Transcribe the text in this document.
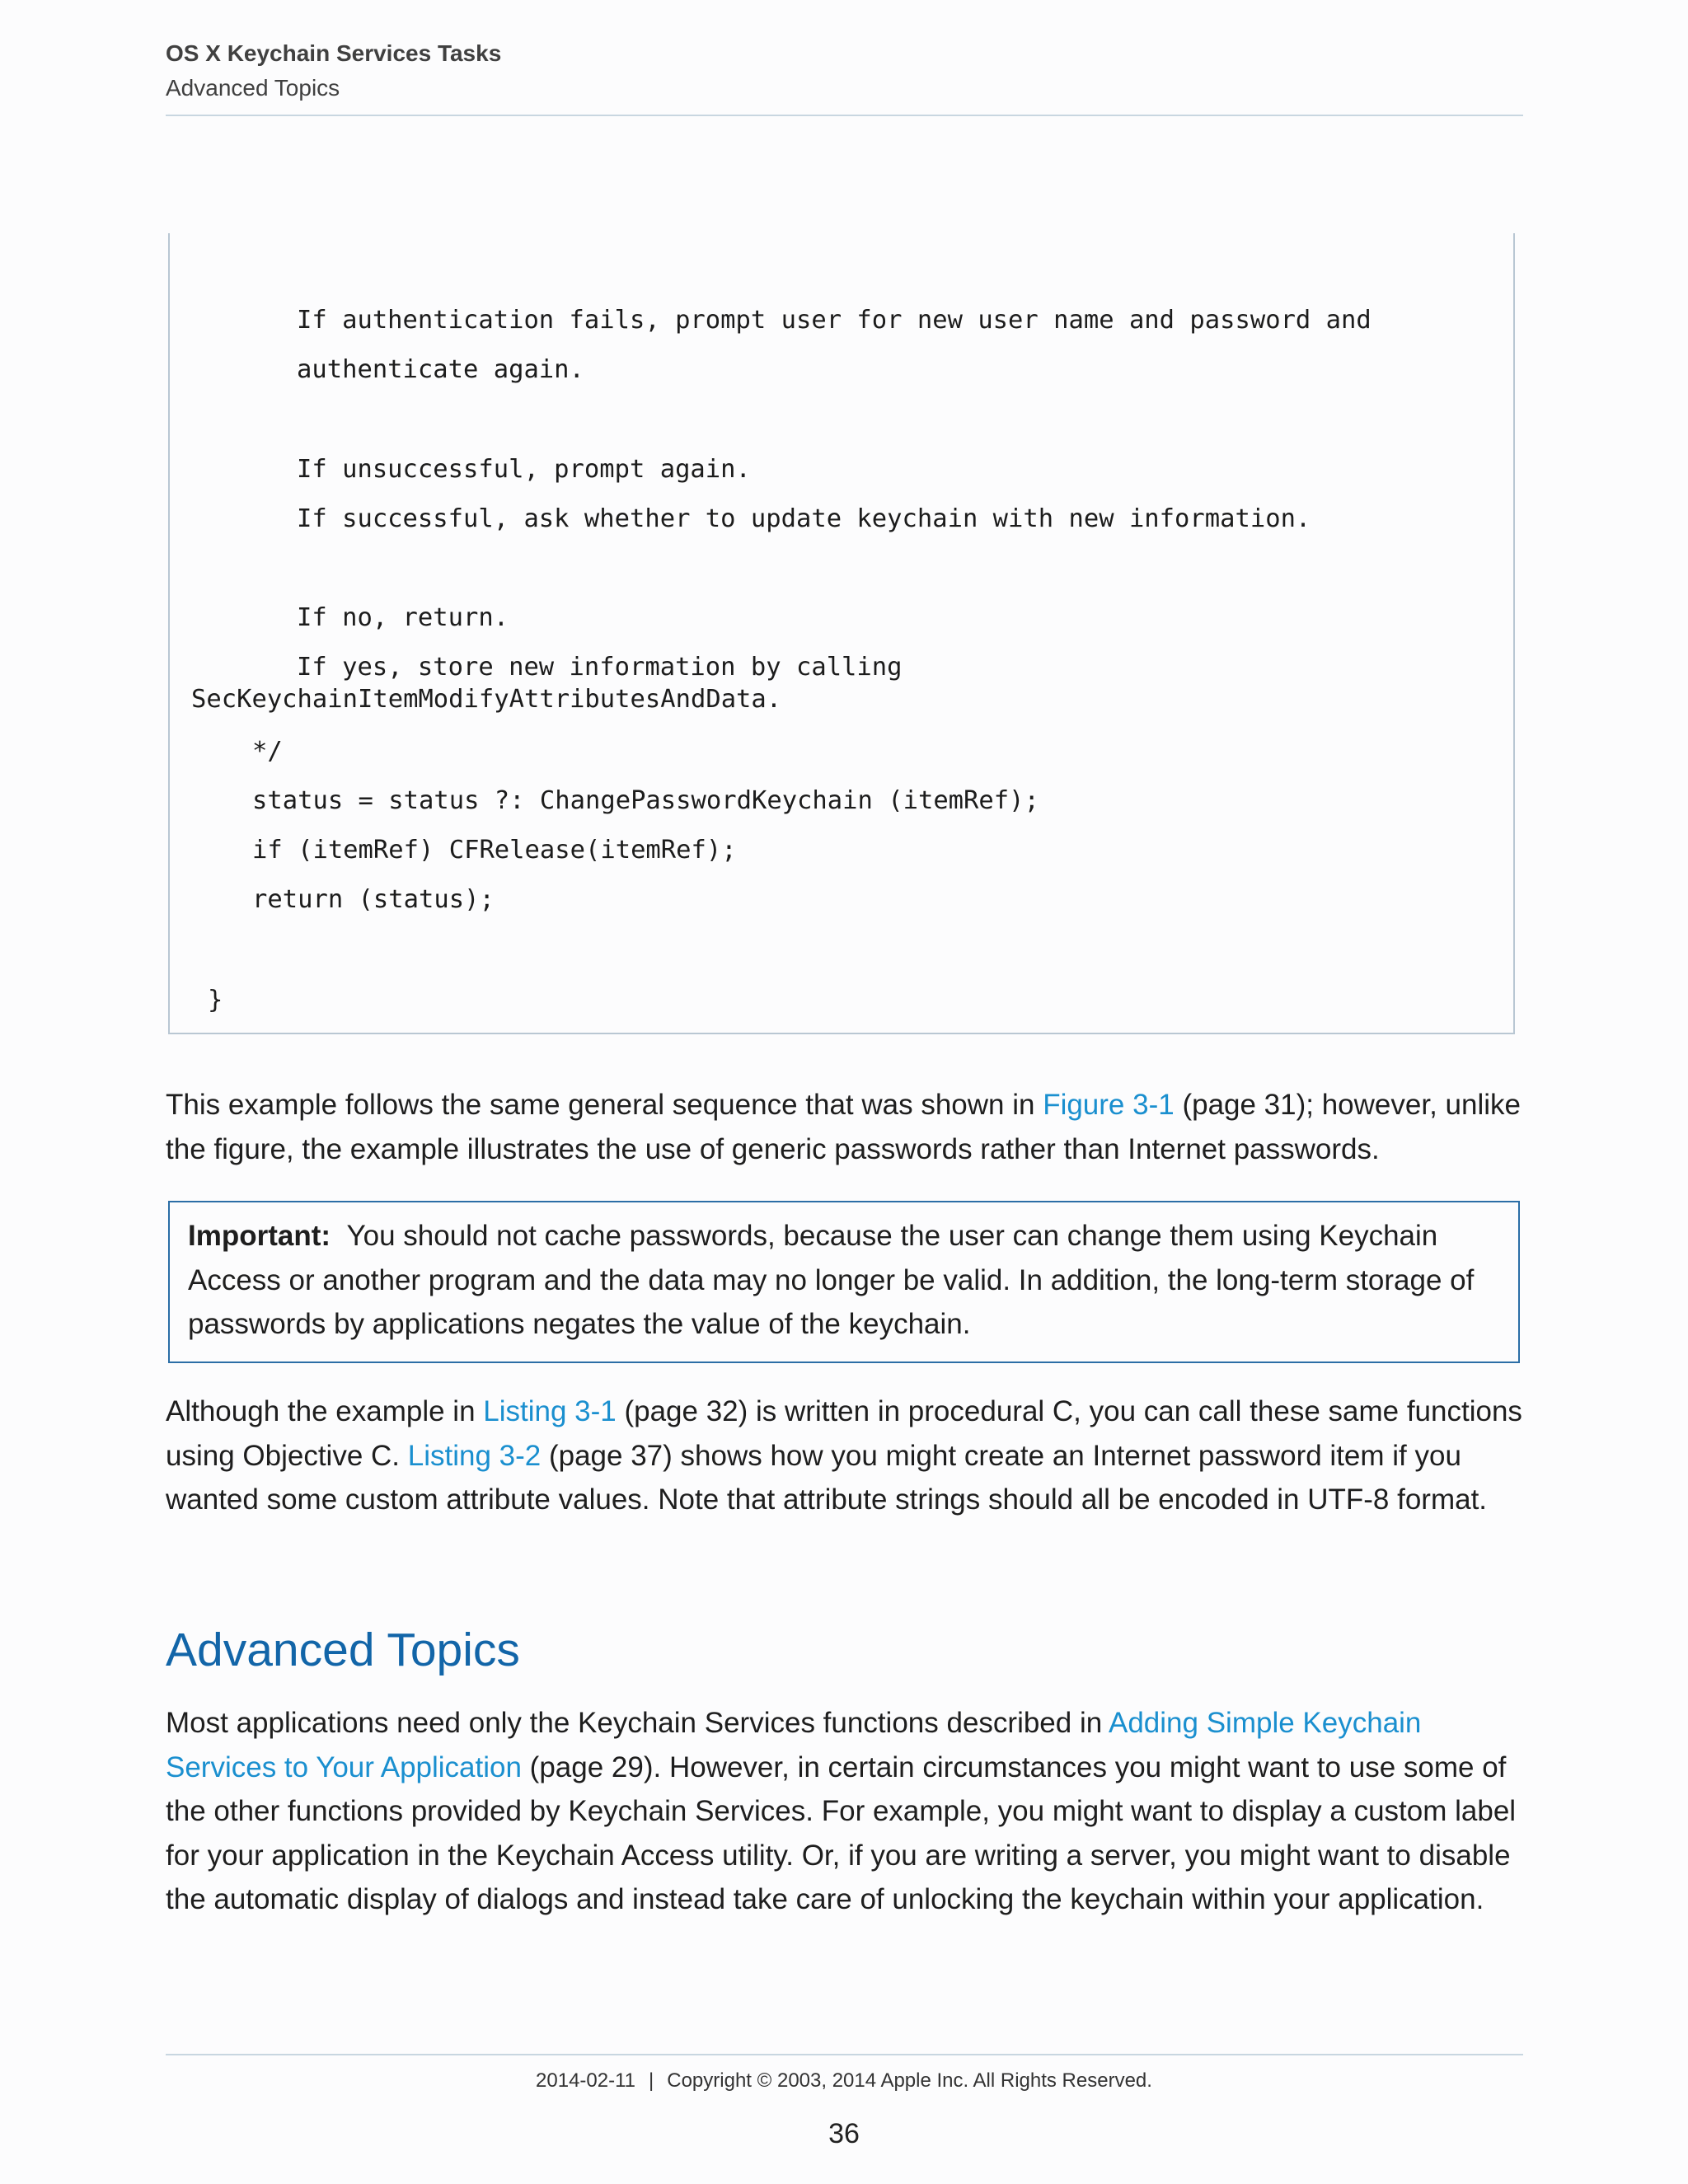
OS X Keychain Services Tasks
Advanced Topics
If authentication fails, prompt user for new user name and password and
authenticate again.
If unsuccessful, prompt again.
If successful, ask whether to update keychain with new information.
If no, return.
If yes, store new information by calling
SecKeychainItemModifyAttributesAndData.
*/
status = status ?: ChangePasswordKeychain (itemRef);
if (itemRef) CFRelease(itemRef);
return (status);
}

This example follows the same general sequence that was shown in Figure 3-1 (page 31); however, unlike the figure, the example illustrates the use of generic passwords rather than Internet passwords.

Important: You should not cache passwords, because the user can change them using Keychain Access or another program and the data may no longer be valid. In addition, the long-term storage of passwords by applications negates the value of the keychain.

Although the example in Listing 3-1 (page 32) is written in procedural C, you can call these same functions using Objective C. Listing 3-2 (page 37) shows how you might create an Internet password item if you wanted some custom attribute values. Note that attribute strings should all be encoded in UTF-8 format.

Advanced Topics

Most applications need only the Keychain Services functions described in Adding Simple Keychain Services to Your Application (page 29). However, in certain circumstances you might want to use some of the other functions provided by Keychain Services. For example, you might want to display a custom label for your application in the Keychain Access utility. Or, if you are writing a server, you might want to disable the automatic display of dialogs and instead take care of unlocking the keychain within your application.

2014-02-11 | Copyright © 2003, 2014 Apple Inc. All Rights Reserved.
36
